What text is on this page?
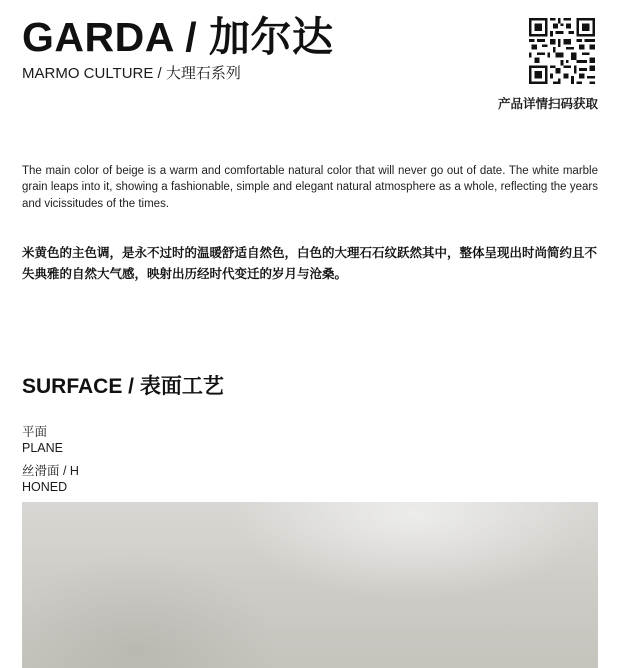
GARDA / 加尔达
MARMO CULTURE / 大理石系列
产品详情扫码获取

The main color of beige is a warm and comfortable natural color that will never go out of date. The white marble grain leaps into it, showing a fashionable, simple and elegant natural atmosphere as a whole, reflecting the years and vicissitudes of the times.

米黄色的主色调，是永不过时的温暖舒适自然色，白色的大理石石纹跃然其中，整体呈现出时尚简约且不失典雅的自然大气感，映射出历经时代变迁的岁月与沧桑。

SURFACE / 表面工艺
平面
PLANE
丝滑面 / H
HONED
